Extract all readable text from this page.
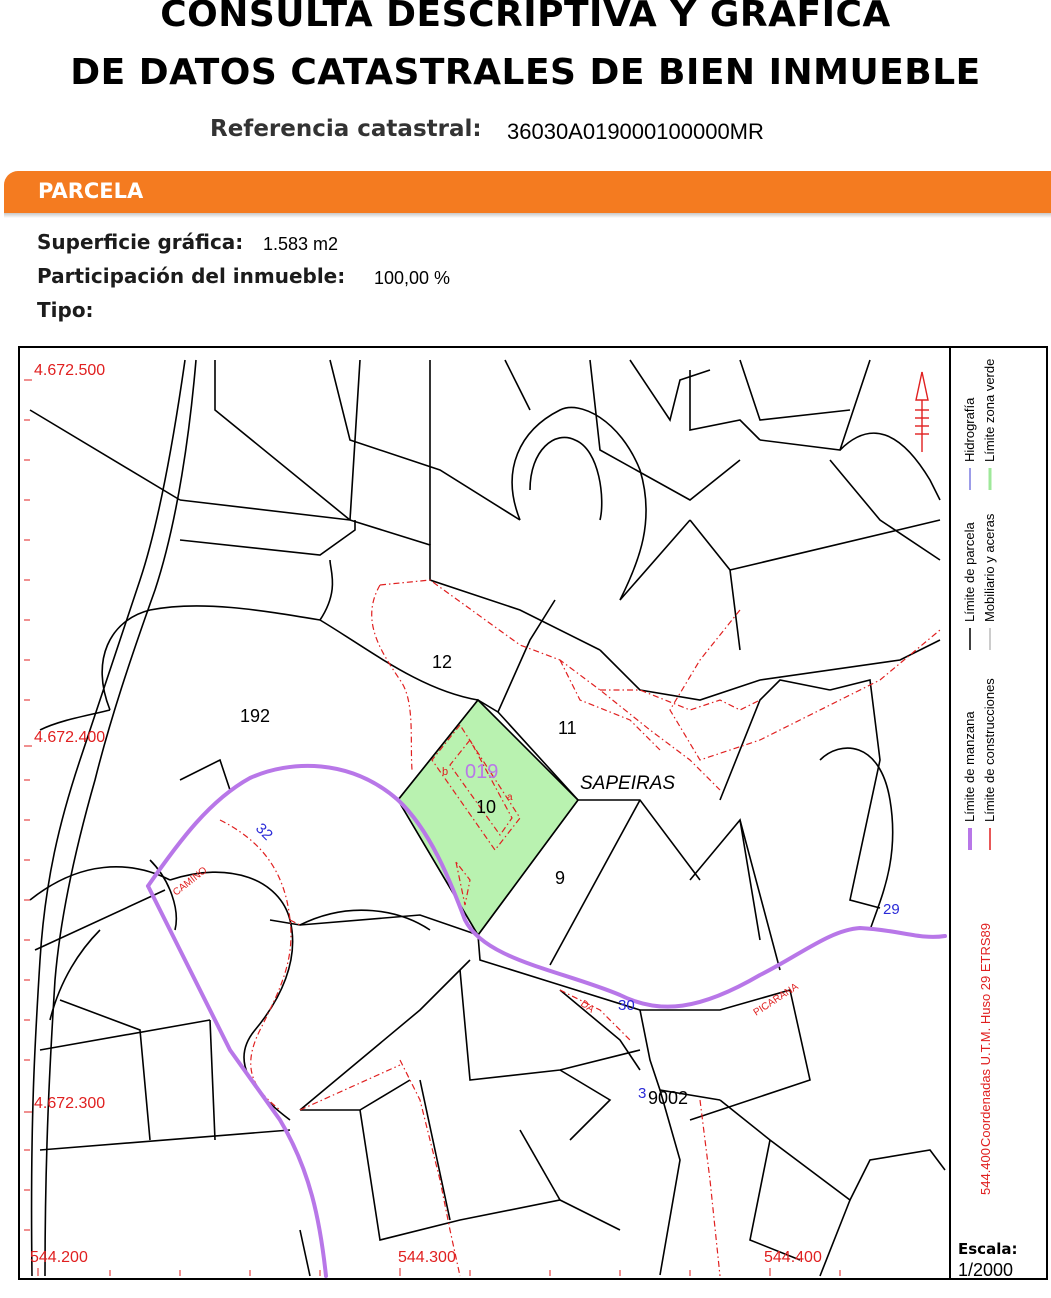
CONSULTA DESCRIPTIVA Y GRAFICA
DE DATOS CATASTRALES DE BIEN INMUEBLE
Referencia catastral: 36030A019000100000MR
PARCELA
Superficie gráfica: 1.583 m2
Participación del inmueble: 100,00 %
Tipo:
32
30
29
3
4.672.500
4.672.400
4.672.300
544.200	544.300	544.400
12
11
192
10
9
9002
019
a
b
SAPEIRAS
CAMINO
DA	PICARANA
Límite de manzana Límite de construcciones
Límite de parcela Mobiliario y aceras
Hidrografía Límite zona verde
544.400
Coordenadas U.T.M. Huso 29 ETRS89
Escala:
1/2000
